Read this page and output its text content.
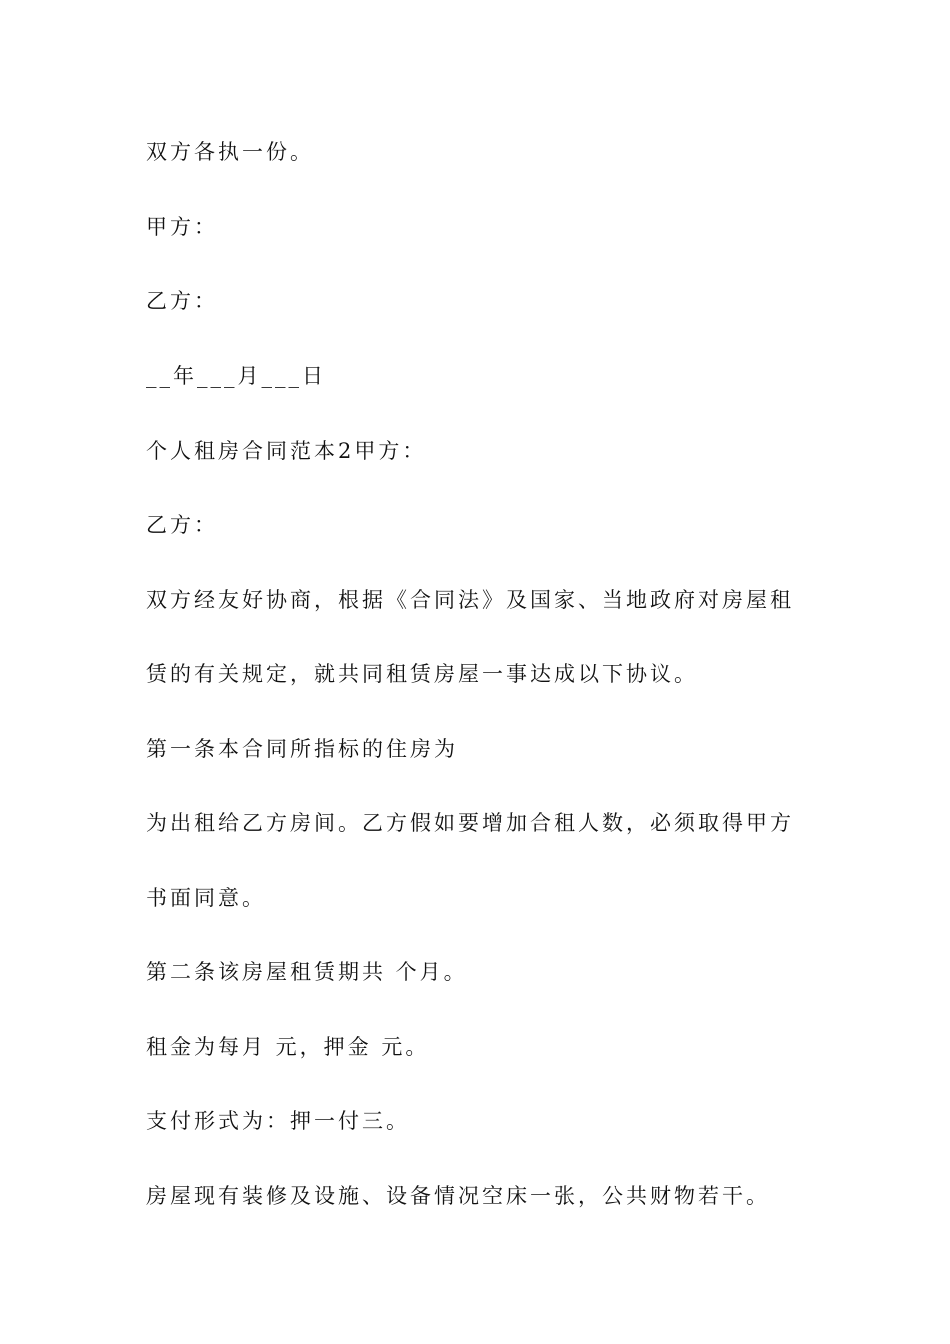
双方各执一份。

甲方：

乙方：

__年___月___日

个人租房合同范本2甲方：

乙方：

双方经友好协商，根据《合同法》及国家、当地政府对房屋租

赁的有关规定，就共同租赁房屋一事达成以下协议。

第一条本合同所指标的住房为

为出租给乙方房间。乙方假如要增加合租人数，必须取得甲方

书面同意。

第二条该房屋租赁期共 个月。

租金为每月 元，押金 元。

支付形式为：押一付三。

房屋现有装修及设施、设备情况空床一张，公共财物若干。
